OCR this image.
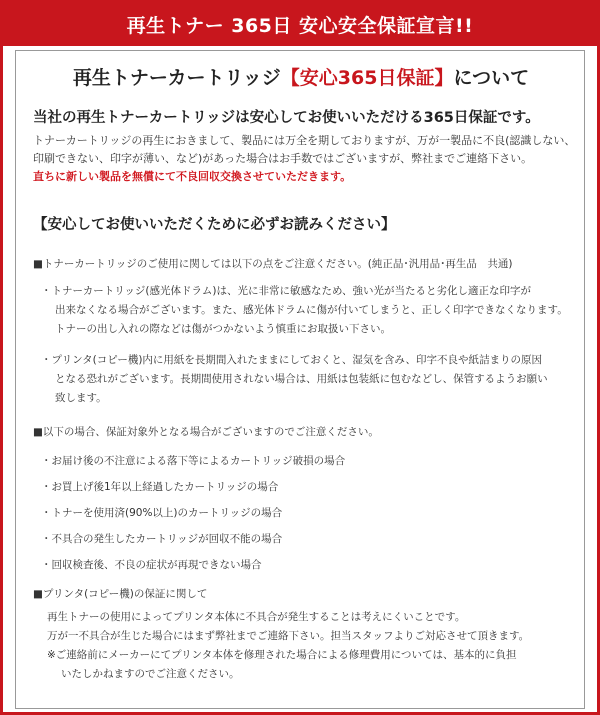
再生トナー 365日 安心安全保証宣言!!
再生トナーカートリッジ【安心365日保証】について
当社の再生トナーカートリッジは安心してお使いいただける365日保証です。
トナーカートリッジの再生におきまして、製品には万全を期しておりますが、万が一製品に不良(認識しない、
印刷できない、印字が薄い、など)があった場合はお手数ではございますが、弊社までご連絡下さい。
直ちに新しい製品を無償にて不良回収交換させていただきます。
【安心してお使いいただくために必ずお読みください】
■トナーカートリッジのご使用に関しては以下の点をご注意ください。(純正品･汎用品･再生品　共通)
・トナーカートリッジ(感光体ドラム)は、光に非常に敏感なため、強い光が当たると劣化し適正な印字が
出来なくなる場合がございます。また、感光体ドラムに傷が付いてしまうと、正しく印字できなくなります。
トナーの出し入れの際などは傷がつかないよう慎重にお取扱い下さい。
・プリンタ(コピー機)内に用紙を長期間入れたままにしておくと、湿気を含み、印字不良や紙詰まりの原因
となる恐れがございます。長期間使用されない場合は、用紙は包装紙に包むなどし、保管するようお願い
致します。
■以下の場合、保証対象外となる場合がございますのでご注意ください。
・お届け後の不注意による落下等によるカートリッジ破損の場合
・お買上げ後1年以上経過したカートリッジの場合
・トナーを使用済(90%以上)のカートリッジの場合
・不具合の発生したカートリッジが回収不能の場合
・回収検査後、不良の症状が再現できない場合
■プリンタ(コピー機)の保証に関して
再生トナーの使用によってプリンタ本体に不具合が発生することは考えにくいことです。
万が一不具合が生じた場合にはまず弊社までご連絡下さい。担当スタッフよりご対応させて頂きます。
※ご連絡前にメーカーにてプリンタ本体を修理された場合による修理費用については、基本的に負担
いたしかねますのでご注意ください。
